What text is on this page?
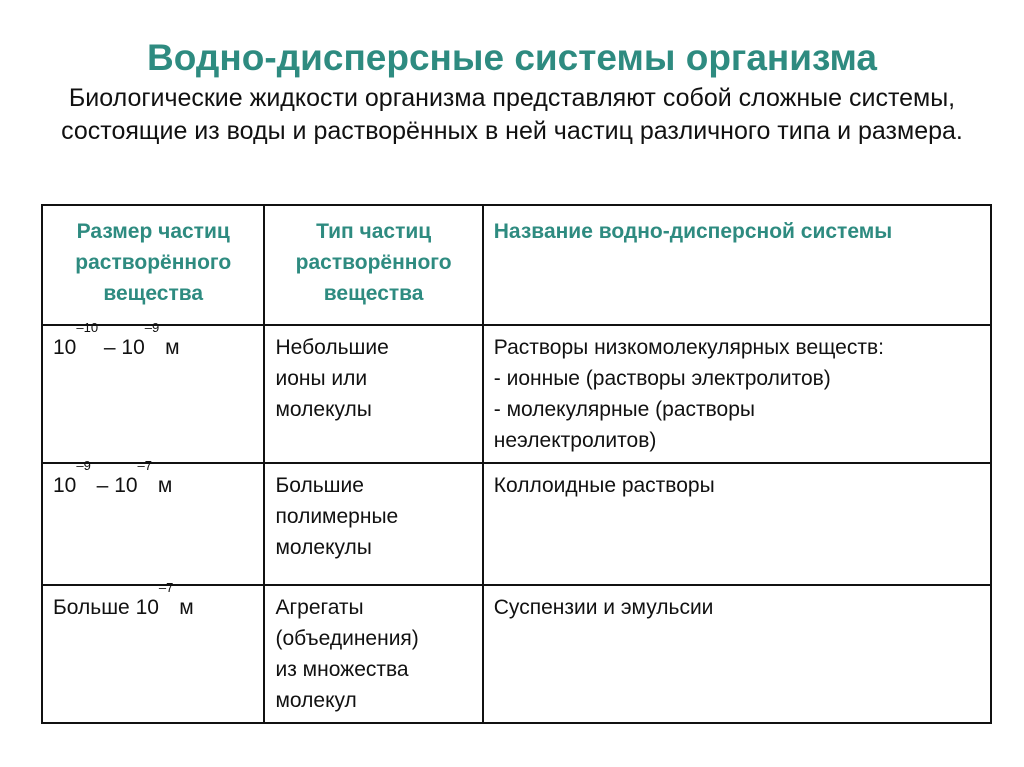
Водно-дисперсные системы организма
Биологические жидкости организма представляют собой сложные системы, состоящие из воды и растворённых в ней частиц различного типа и размера.
Размер частиц растворённого вещества	Тип частиц растворённого вещества	Название водно-дисперсной системы

$10^{-10} - 10^{-9}$ м	Небольшие ионы или молекулы	Растворы низкомолекулярных веществ:
- ионные (растворы электролитов)
- молекулярные (растворы неэлектролитов)

$10^{-9} - 10^{-7}$ м	Большие полимерные молекулы	Коллоидные растворы

Больше $10^{-7}$ м	Агрегаты (объединения) из множества молекул	Суспензии и эмульсии
